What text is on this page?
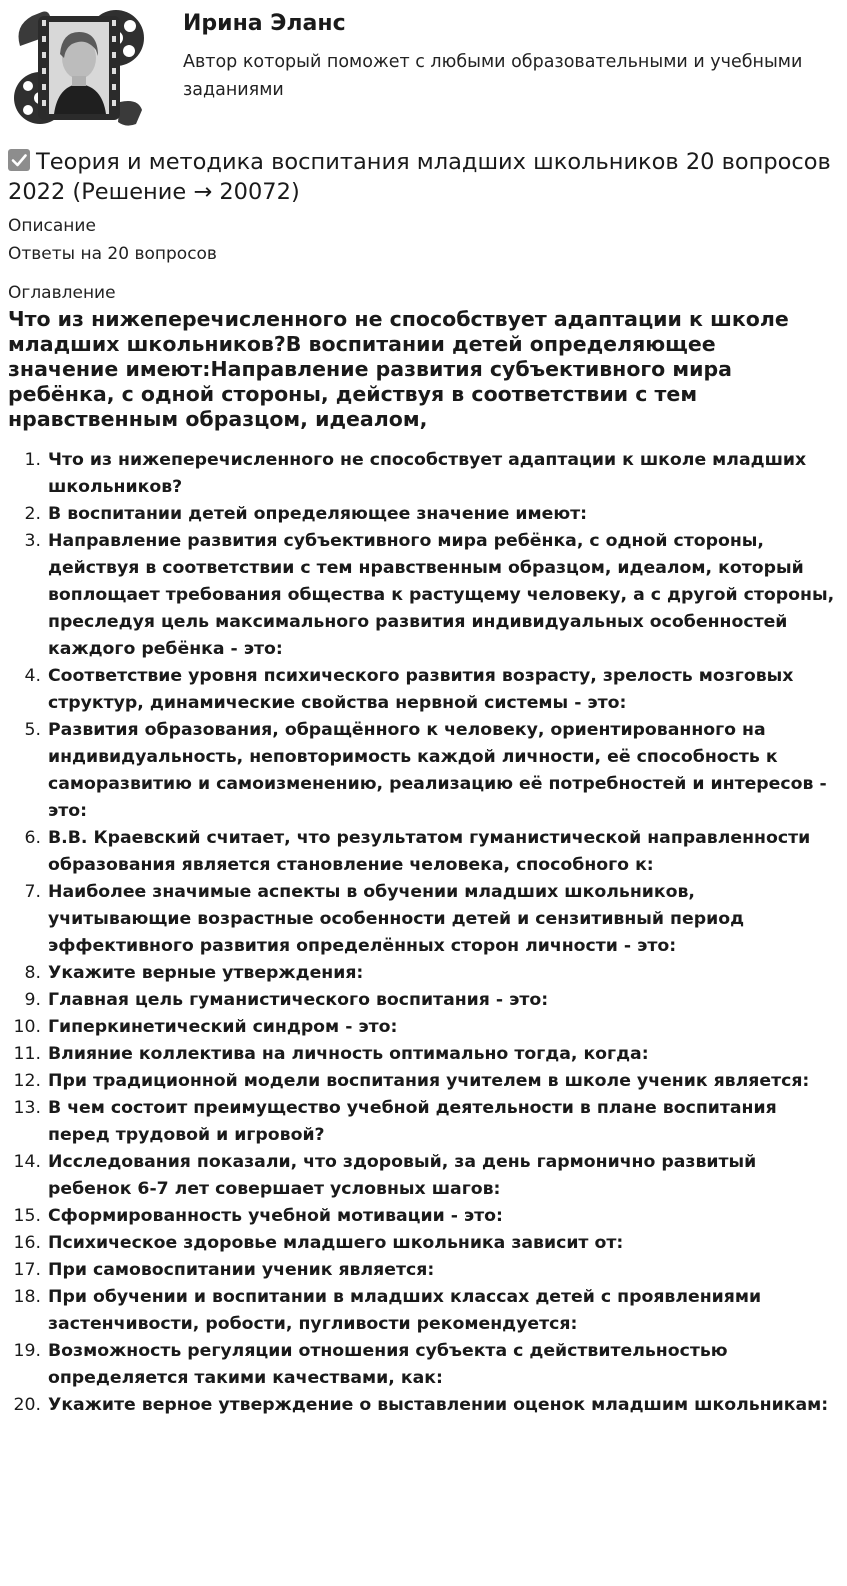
Ирина Эланс
Автор который поможет с любыми образовательными и учебными заданиями
Теория и методика воспитания младших школьников 20 вопросов 2022 (Решение → 20072)
Описание
Ответы на 20 вопросов
Оглавление
Что из нижеперечисленного не способствует адаптации к школе младших школьников?В воспитании детей определяющее значение имеют:Направление развития субъективного мира ребёнка, с одной стороны, действуя в соответствии с тем нравственным образцом, идеалом,
1. Что из нижеперечисленного не способствует адаптации к школе младших школьников?
2. В воспитании детей определяющее значение имеют:
3. Направление развития субъективного мира ребёнка, с одной стороны, действуя в соответствии с тем нравственным образцом, идеалом, который воплощает требования общества к растущему человеку, а с другой стороны, преследуя цель максимального развития индивидуальных особенностей каждого ребёнка - это:
4. Соответствие уровня психического развития возрасту, зрелость мозговых структур, динамические свойства нервной системы - это:
5. Развития образования, обращённого к человеку, ориентированного на индивидуальность, неповторимость каждой личности, её способность к саморазвитию и самоизменению, реализацию её потребностей и интересов - это:
6. В.В. Краевский считает, что результатом гуманистической направленности образования является становление человека, способного к:
7. Наиболее значимые аспекты в обучении младших школьников, учитывающие возрастные особенности детей и сензитивный период эффективного развития определённых сторон личности - это:
8. Укажите верные утверждения:
9. Главная цель гуманистического воспитания - это:
10. Гиперкинетический синдром - это:
11. Влияние коллектива на личность оптимально тогда, когда:
12. При традиционной модели воспитания учителем в школе ученик является:
13. В чем состоит преимущество учебной деятельности в плане воспитания перед трудовой и игровой?
14. Исследования показали, что здоровый, за день гармонично развитый ребенок 6-7 лет совершает условных шагов:
15. Сформированность учебной мотивации - это:
16. Психическое здоровье младшего школьника зависит от:
17. При самовоспитании ученик является:
18. При обучении и воспитании в младших классах детей с проявлениями застенчивости, робости, пугливости рекомендуется:
19. Возможность регуляции отношения субъекта с действительностью определяется такими качествами, как:
20. Укажите верное утверждение о выставлении оценок младшим школьникам:
